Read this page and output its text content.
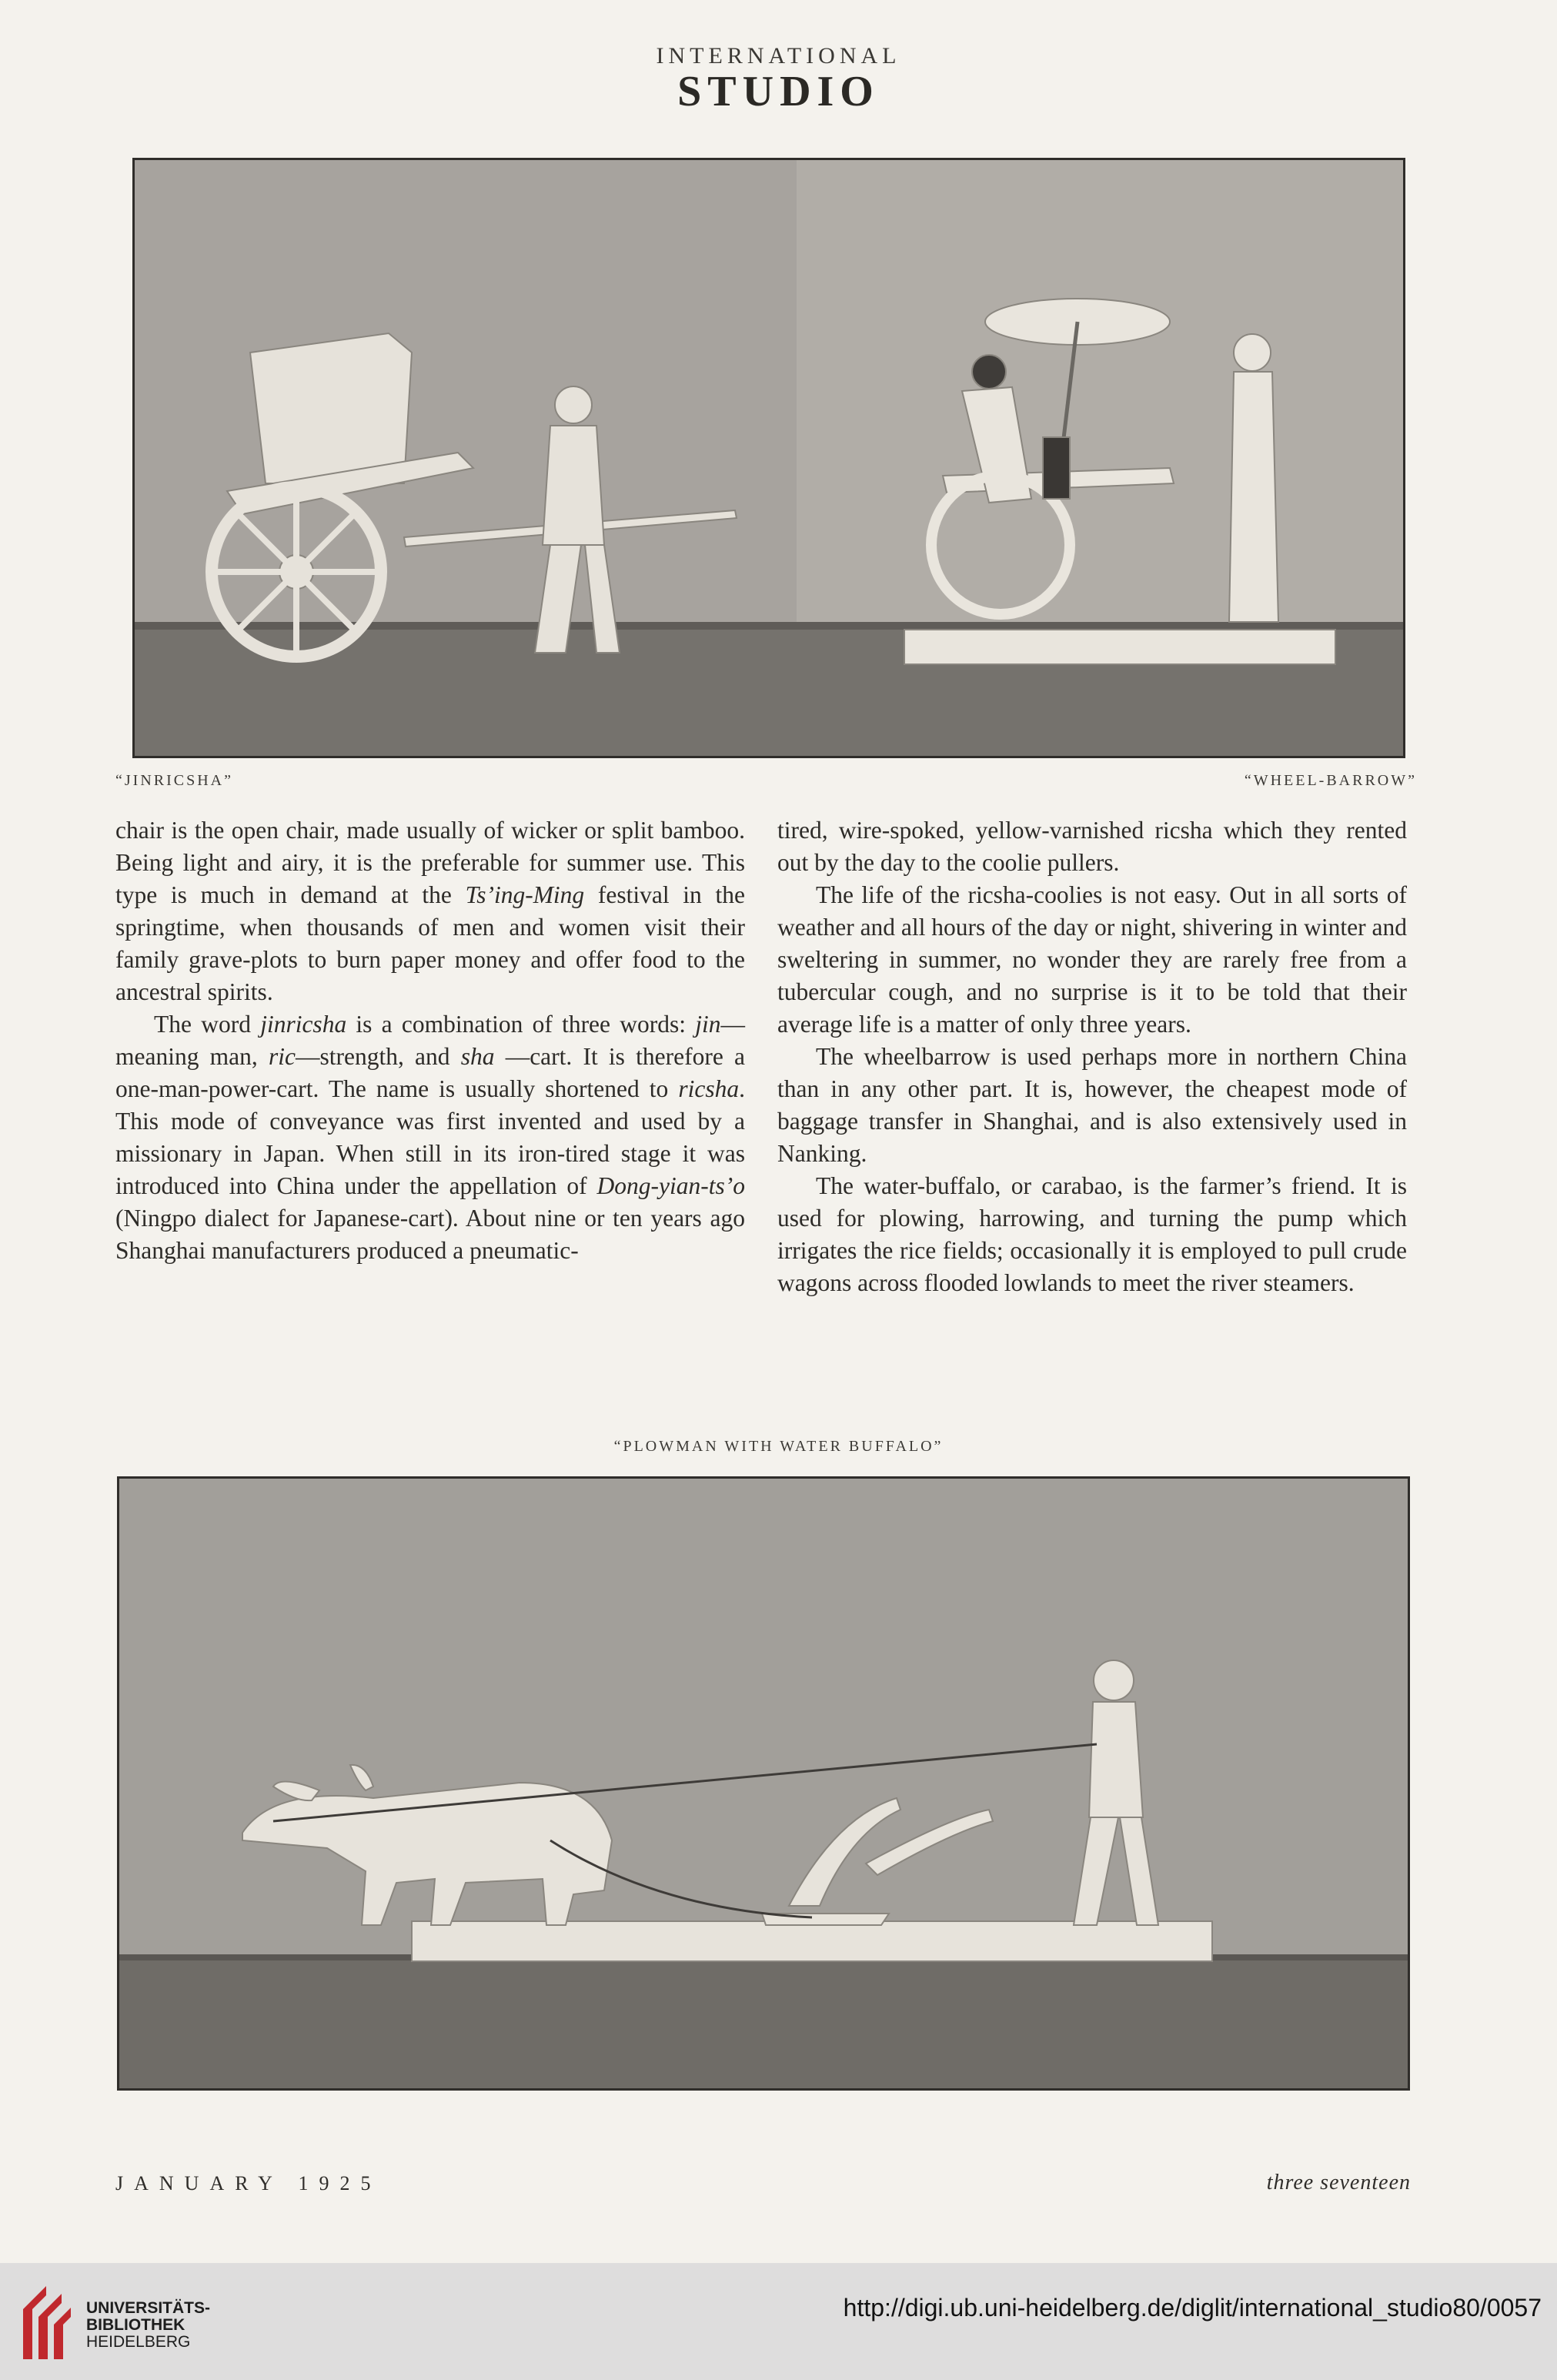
INTERNATIONAL
STUDIO
“JINRICSHA”	“WHEEL-BARROW”

chair is the open chair, made usually of wicker or split bamboo. Being light and airy, it is the preferable for summer use. This type is much in demand at the Ts’ing-Ming festival in the springtime, when thousands of men and women visit their family grave-plots to burn paper money and offer food to the ancestral spirits.

The word jinricsha is a combination of three words: jin—meaning man, ric—strength, and sha —cart. It is therefore a one-man-power-cart. The name is usually shortened to ricsha. This mode of conveyance was first invented and used by a missionary in Japan. When still in its iron-tired stage it was introduced into China under the appellation of Dong-yian-ts’o (Ningpo dialect for Japanese-cart). About nine or ten years ago Shanghai manufacturers produced a pneumatic-

tired, wire-spoked, yellow-varnished ricsha which they rented out by the day to the coolie pullers.

The life of the ricsha-coolies is not easy. Out in all sorts of weather and all hours of the day or night, shivering in winter and sweltering in summer, no wonder they are rarely free from a tubercular cough, and no surprise is it to be told that their average life is a matter of only three years.

The wheelbarrow is used perhaps more in northern China than in any other part. It is, however, the cheapest mode of baggage transfer in Shanghai, and is also extensively used in Nanking.

The water-buffalo, or carabao, is the farmer’s friend. It is used for plowing, harrowing, and turning the pump which irrigates the rice fields; occasionally it is employed to pull crude wagons across flooded lowlands to meet the river steamers.

“PLOWMAN WITH WATER BUFFALO”
JANUARY 1925	three seventeen
UNIVERSITÄTS-
BIBLIOTHEK
HEIDELBERG
http://digi.ub.uni-heidelberg.de/diglit/international_studio80/0057
